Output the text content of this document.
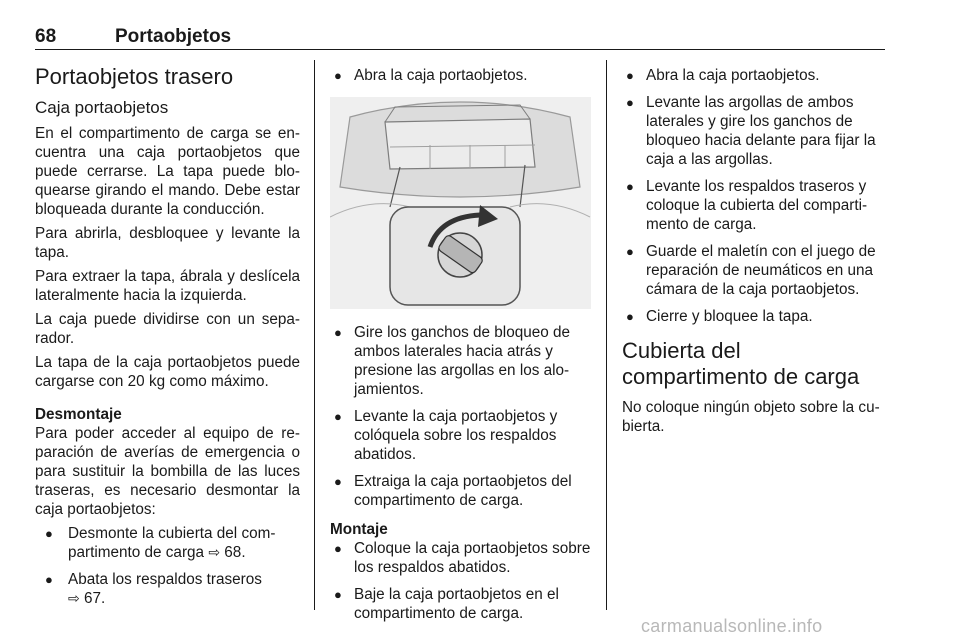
68	Portaobjetos
Portaobjetos trasero
Caja portaobjetos

En el compartimento de carga se encuentra una caja portaobjetos que puede cerrarse. La tapa puede bloquearse girando el mando. Debe estar bloqueada durante la conducción.

Para abrirla, desbloquee y levante la tapa.

Para extraer la tapa, ábrala y deslícela lateralmente hacia la izquierda.

La caja puede dividirse con un separador.

La tapa de la caja portaobjetos puede cargarse con 20 kg como máximo.

Desmontaje

Para poder acceder al equipo de reparación de averías de emergencia o para sustituir la bombilla de las luces traseras, es necesario desmontar la caja portaobjetos:

● Desmonte la cubierta del compartimento de carga ⇨ 68.
● Abata los respaldos traseros
⇨ 67.
● Abra la caja portaobjetos.
● Gire los ganchos de bloqueo de ambos laterales hacia atrás y presione las argollas en los alojamientos.
● Levante la caja portaobjetos y colóquela sobre los respaldos abatidos.
● Extraiga la caja portaobjetos del compartimento de carga.
Montaje
● Coloque la caja portaobjetos sobre los respaldos abatidos.
● Baje la caja portaobjetos en el compartimento de carga.
● Abra la caja portaobjetos.
● Levante las argollas de ambos laterales y gire los ganchos de bloqueo hacia delante para fijar la caja a las argollas.
● Levante los respaldos traseros y coloque la cubierta del compartimento de carga.
● Guarde el maletín con el juego de reparación de neumáticos en una cámara de la caja portaobjetos.
● Cierre y bloquee la tapa.
Cubierta del compartimento de carga

No coloque ningún objeto sobre la cubierta.

carmanualsonline.info
